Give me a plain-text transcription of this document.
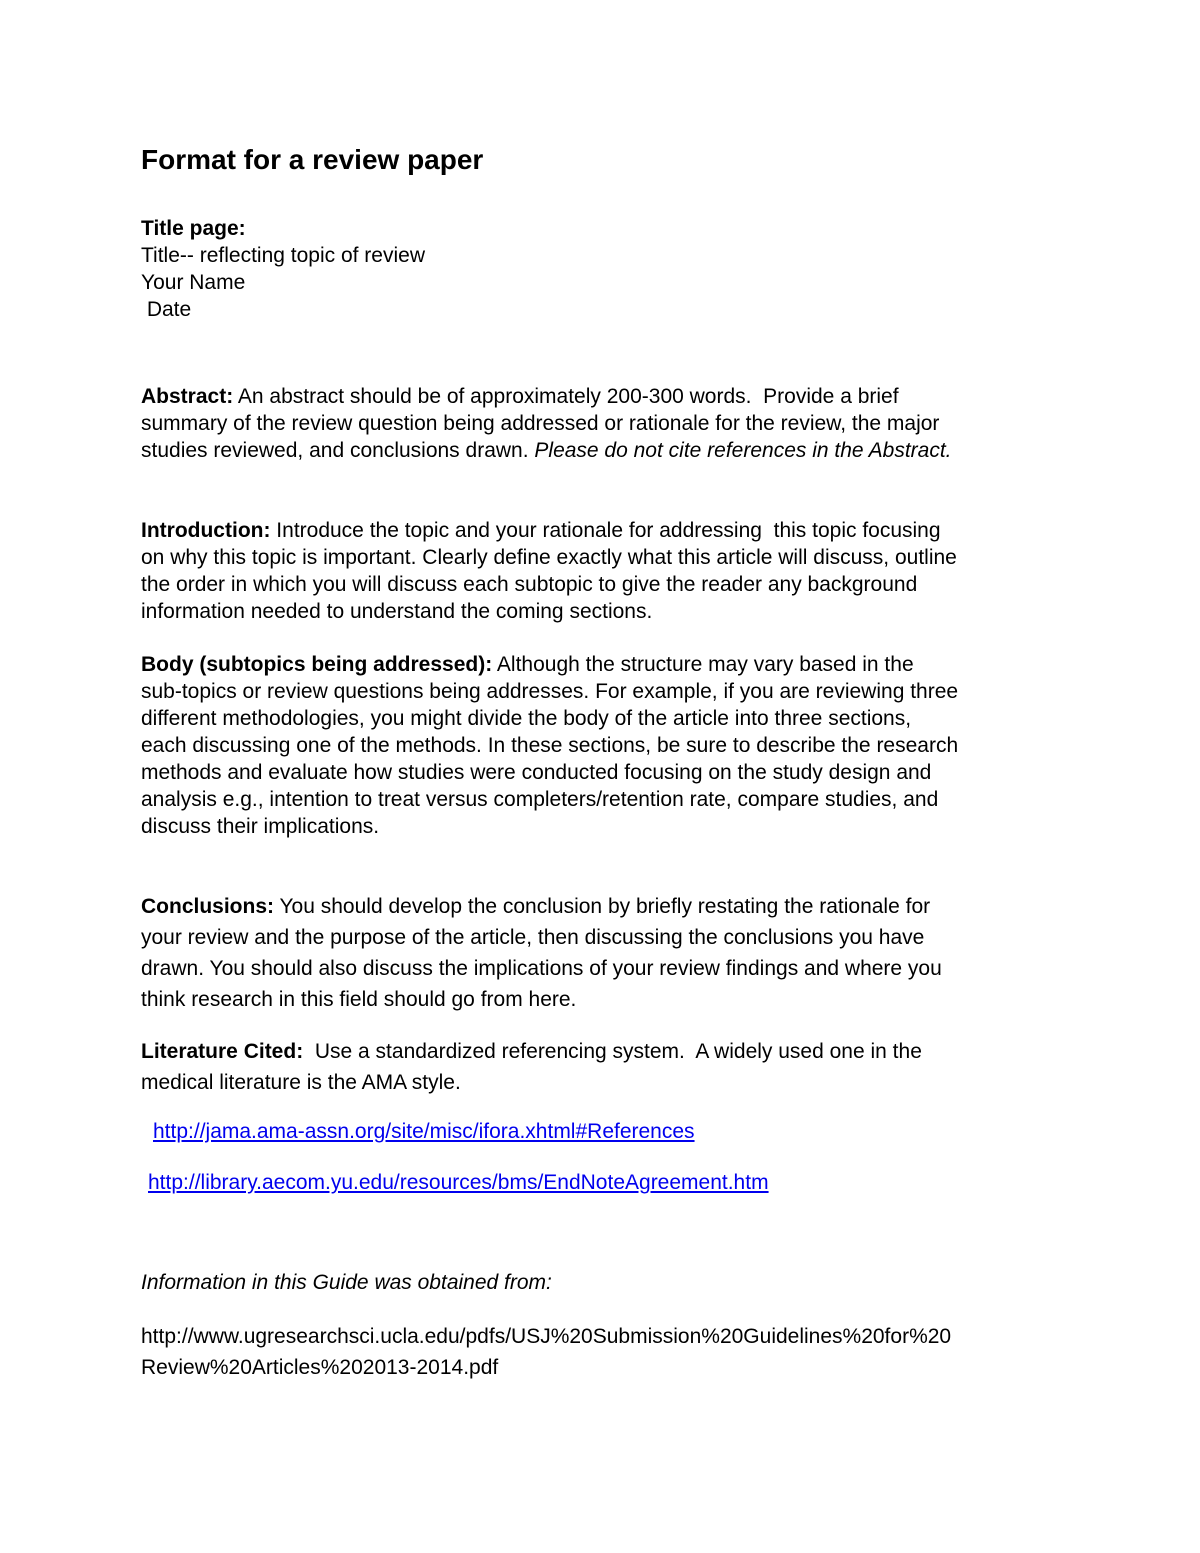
Format for a review paper
Title page:
Title-- reflecting topic of review
Your Name
Date
Abstract: An abstract should be of approximately 200-300 words.  Provide a brief
summary of the review question being addressed or rationale for the review, the major
studies reviewed, and conclusions drawn. Please do not cite references in the Abstract.
Introduction: Introduce the topic and your rationale for addressing  this topic focusing
on why this topic is important. Clearly define exactly what this article will discuss, outline
the order in which you will discuss each subtopic to give the reader any background
information needed to understand the coming sections.
Body (subtopics being addressed): Although the structure may vary based in the
sub-topics or review questions being addresses. For example, if you are reviewing three
different methodologies, you might divide the body of the article into three sections,
each discussing one of the methods. In these sections, be sure to describe the research
methods and evaluate how studies were conducted focusing on the study design and
analysis e.g., intention to treat versus completers/retention rate, compare studies, and
discuss their implications.
Conclusions: You should develop the conclusion by briefly restating the rationale for
your review and the purpose of the article, then discussing the conclusions you have
drawn. You should also discuss the implications of your review findings and where you
think research in this field should go from here.
Literature Cited:  Use a standardized referencing system.  A widely used one in the
medical literature is the AMA style.
http://jama.ama-assn.org/site/misc/ifora.xhtml#References
http://library.aecom.yu.edu/resources/bms/EndNoteAgreement.htm
Information in this Guide was obtained from:
http://www.ugresearchsci.ucla.edu/pdfs/USJ%20Submission%20Guidelines%20for%20
Review%20Articles%202013-2014.pdf
